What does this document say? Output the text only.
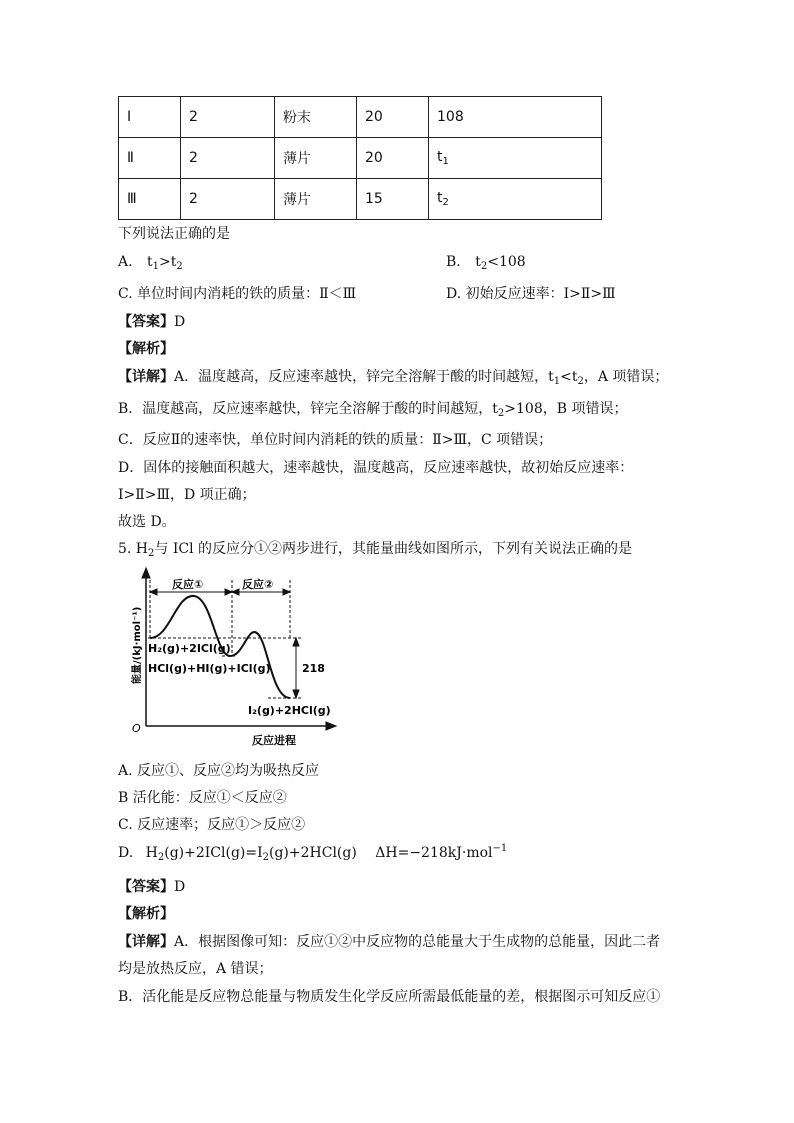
Ⅰ	2	粉末	20	108
Ⅱ	2	薄片	20	$t_1$
Ⅲ	2	薄片	15	$t_2$
下列说法正确的是
A. $t_1>t_2$	B. $t_2<108$
C. 单位时间内消耗的铁的质量：Ⅱ＜Ⅲ	D. 初始反应速率：Ⅰ>Ⅱ>Ⅲ
【答案】D
【解析】
【详解】A．温度越高，反应速率越快，锌完全溶解于酸的时间越短，$t_1<t_2$，A 项错误；
B．温度越高，反应速率越快，锌完全溶解于酸的时间越短，$t_2>108$，B 项错误；
C．反应Ⅱ的速率快，单位时间内消耗的铁的质量：Ⅱ>Ⅲ，C 项错误；
D．固体的接触面积越大，速率越快，温度越高，反应速率越快，故初始反应速率：
Ⅰ>Ⅱ>Ⅲ，D 项正确；
故选 D。
5. $H_2$与 ICl 的反应分①②两步进行，其能量曲线如图所示，下列有关说法正确的是
反应①	反应②
H₂(g)+2ICl(g)
HCl(g)+HI(g)+ICl(g)
I₂(g)+2HCl(g)
218
O
反应进程
能量/(kJ·mol⁻¹)
A. 反应①、反应②均为吸热反应
B 活化能：反应①＜反应②
C. 反应速率；反应①＞反应②
D. $H_2(g)+2ICl(g)=I_2(g)+2HCl(g)$ ΔH=−218kJ·mol$^{-1}$
【答案】D
【解析】
【详解】A．根据图像可知：反应①②中反应物的总能量大于生成物的总能量，因此二者
均是放热反应，A 错误；
B．活化能是反应物总能量与物质发生化学反应所需最低能量的差，根据图示可知反应①
